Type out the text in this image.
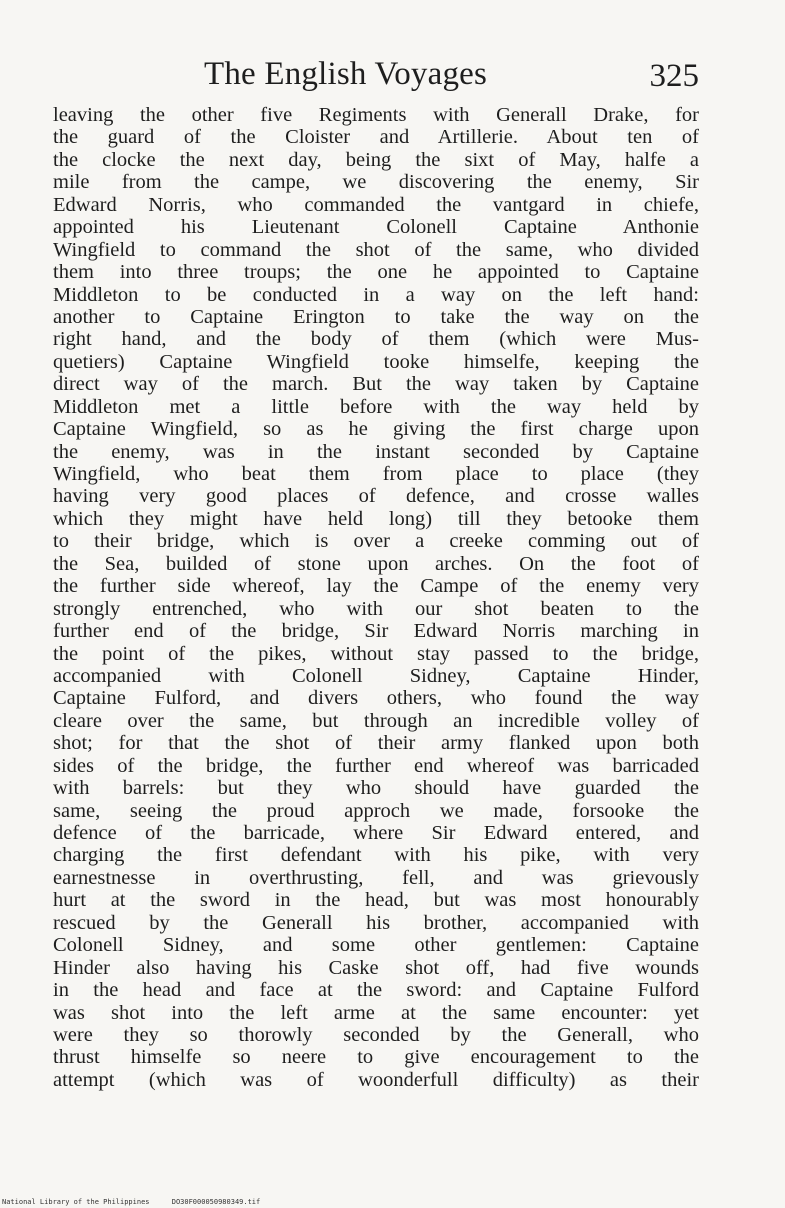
The English Voyages	325
leaving the other five Regiments with Generall Drake, for
the guard of the Cloister and Artillerie. About ten of
the clocke the next day, being the sixt of May, halfe a
mile from the campe, we discovering the enemy, Sir
Edward Norris, who commanded the vantgard in chiefe,
appointed his Lieutenant Colonell Captaine Anthonie
Wingfield to command the shot of the same, who divided
them into three troups; the one he appointed to Captaine
Middleton to be conducted in a way on the left hand:
another to Captaine Erington to take the way on the
right hand, and the body of them (which were Mus-
quetiers) Captaine Wingfield tooke himselfe, keeping the
direct way of the march. But the way taken by Captaine
Middleton met a little before with the way held by
Captaine Wingfield, so as he giving the first charge upon
the enemy, was in the instant seconded by Captaine
Wingfield, who beat them from place to place (they
having very good places of defence, and crosse walles
which they might have held long) till they betooke them
to their bridge, which is over a creeke comming out of
the Sea, builded of stone upon arches. On the foot of
the further side whereof, lay the Campe of the enemy very
strongly entrenched, who with our shot beaten to the
further end of the bridge, Sir Edward Norris marching in
the point of the pikes, without stay passed to the bridge,
accompanied with Colonell Sidney, Captaine Hinder,
Captaine Fulford, and divers others, who found the way
cleare over the same, but through an incredible volley of
shot; for that the shot of their army flanked upon both
sides of the bridge, the further end whereof was barricaded
with barrels: but they who should have guarded the
same, seeing the proud approch we made, forsooke the
defence of the barricade, where Sir Edward entered, and
charging the first defendant with his pike, with very
earnestnesse in overthrusting, fell, and was grievously
hurt at the sword in the head, but was most honourably
rescued by the Generall his brother, accompanied with
Colonell Sidney, and some other gentlemen: Captaine
Hinder also having his Caske shot off, had five wounds
in the head and face at the sword: and Captaine Fulford
was shot into the left arme at the same encounter: yet
were they so thorowly seconded by the Generall, who
thrust himselfe so neere to give encouragement to the
attempt (which was of woonderfull difficulty) as their
National Library of the Philippines	DO30F000050980349.tif
